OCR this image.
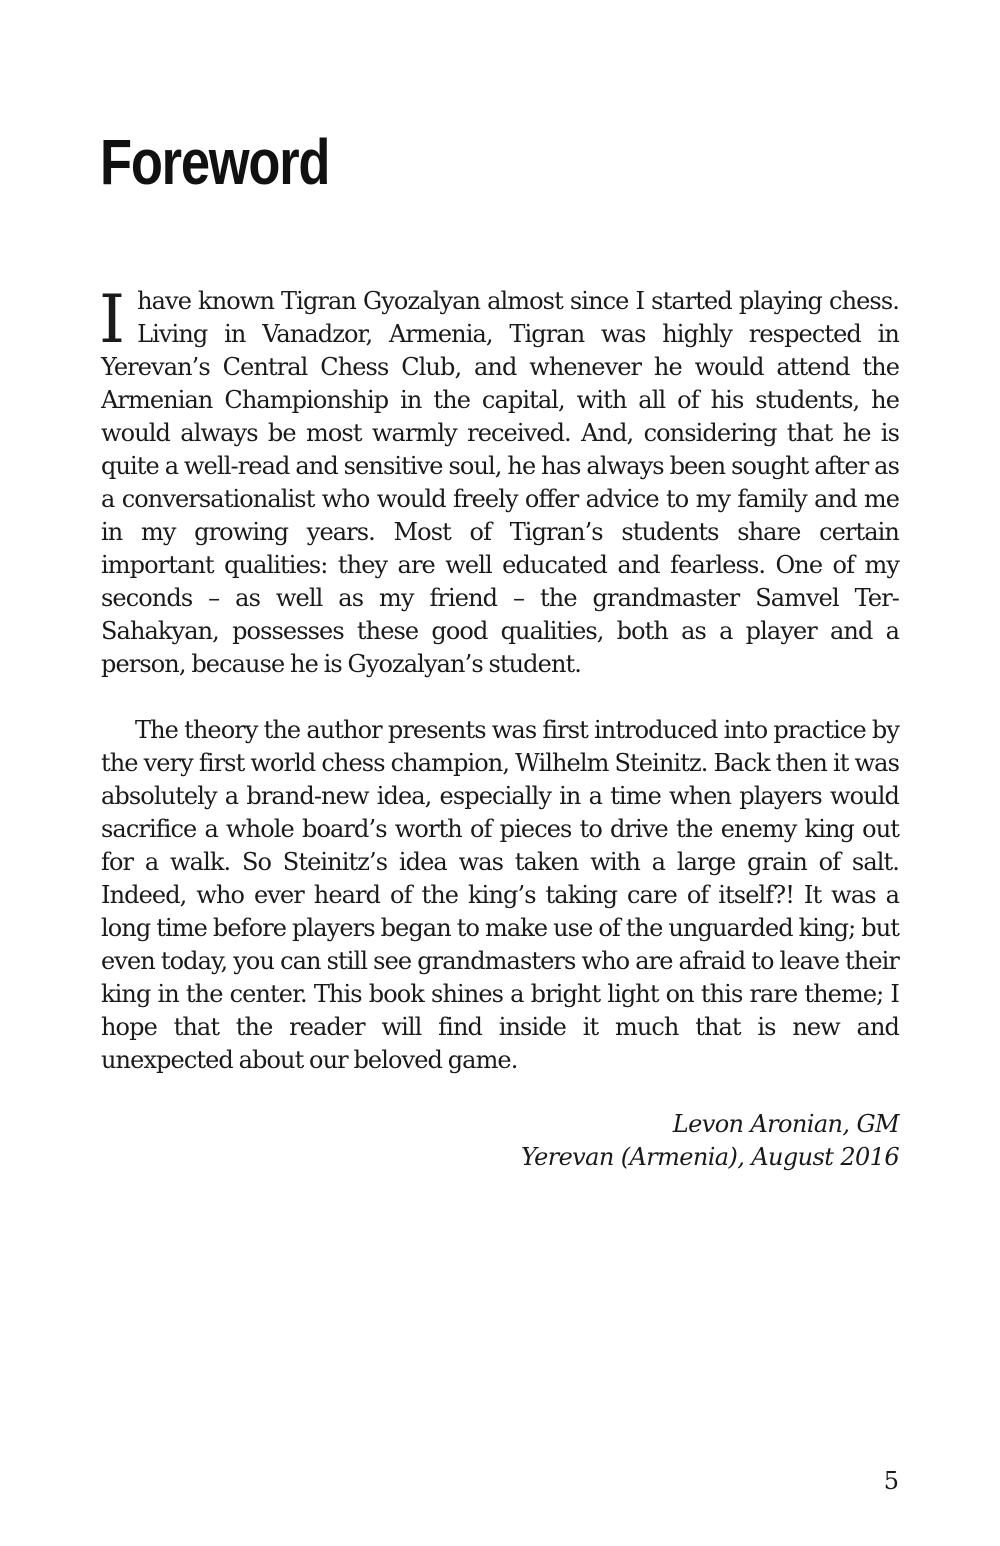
Foreword

Ihave known Tigran Gyozalyan almost since I started playing chess. Living in Vanadzor, Armenia, Tigran was highly respected in Yerevan’s Central Chess Club, and whenever he would attend the Armenian Championship in the capital, with all of his students, he would always be most warmly received. And, considering that he is quite a well-read and sensitive soul, he has always been sought after as a conversationalist who would freely offer advice to my family and me in my growing years. Most of Tigran’s students share certain important qualities: they are well educated and fearless. One of my seconds – as well as my friend – the grandmaster Samvel Ter-Sahakyan, possesses these good qualities, both as a player and a person, because he is Gyozalyan’s student.

The theory the author presents was first introduced into practice by the very first world chess champion, Wilhelm Steinitz. Back then it was absolutely a brand-new idea, especially in a time when players would sacrifice a whole board’s worth of pieces to drive the enemy king out for a walk. So Steinitz’s idea was taken with a large grain of salt. Indeed, who ever heard of the king’s taking care of itself?! It was a long time before players began to make use of the unguarded king; but even today, you can still see grandmasters who are afraid to leave their king in the center. This book shines a bright light on this rare theme; I hope that the reader will find inside it much that is new and unexpected about our beloved game.

Levon Aronian, GM
Yerevan (Armenia), August 2016
5
